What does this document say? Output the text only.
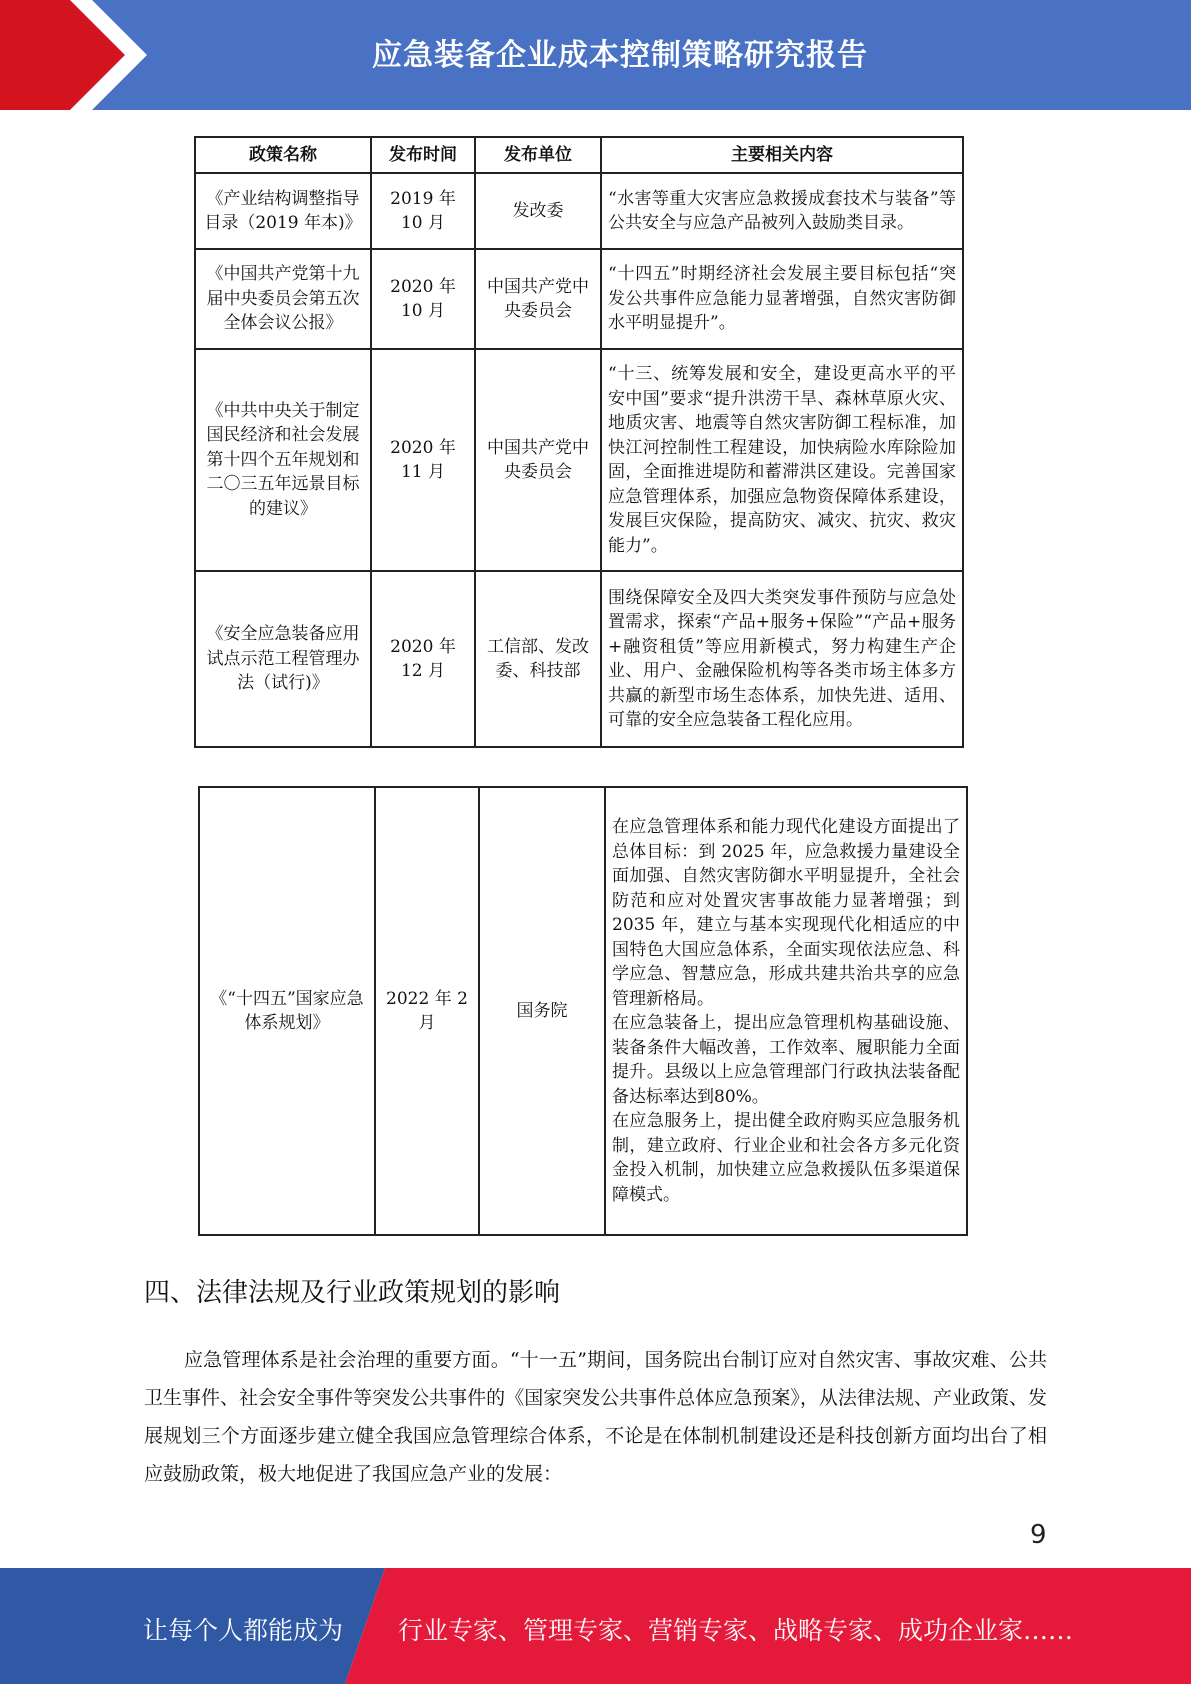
应急装备企业成本控制策略研究报告
政策名称	发布时间	发布单位	主要相关内容
《产业结构调整指导目录（2019 年本)》	2019 年 10 月	发改委	“水害等重大灾害应急救援成套技术与装备”等公共安全与应急产品被列入鼓励类目录。
《中国共产党第十九届中央委员会第五次全体会议公报》	2020 年 10 月	中国共产党中央委员会	“十四五”时期经济社会发展主要目标包括“突发公共事件应急能力显著增强，自然灾害防御水平明显提升”。
《中共中央关于制定国民经济和社会发展第十四个五年规划和二〇三五年远景目标的建议》	2020 年 11 月	中国共产党中央委员会	“十三、统筹发展和安全，建设更高水平的平安中国”要求“提升洪涝干旱、森林草原火灾、地质灾害、地震等自然灾害防御工程标准，加快江河控制性工程建设，加快病险水库除险加固，全面推进堤防和蓄滞洪区建设。完善国家应急管理体系，加强应急物资保障体系建设，发展巨灾保险，提高防灾、减灾、抗灾、救灾能力”。
《安全应急装备应用试点示范工程管理办法（试行)》	2020 年 12 月	工信部、发改委、科技部	围绕保障安全及四大类突发事件预防与应急处置需求，探索“产品+服务+保险”“产品+服务+融资租赁”等应用新模式，努力构建生产企业、用户、金融保险机构等各类市场主体多方共赢的新型市场生态体系，加快先进、适用、可靠的安全应急装备工程化应用。
《“十四五”国家应急体系规划》	2022 年 2 月	国务院	
在应急管理体系和能力现代化建设方面提出了总体目标：到 2025 年，应急救援力量建设全面加强、自然灾害防御水平明显提升，全社会防范和应对处置灾害事故能力显著增强；到 2035 年，建立与基本实现现代化相适应的中国特色大国应急体系，全面实现依法应急、科学应急、智慧应急，形成共建共治共享的应急管理新格局。
在应急装备上，提出应急管理机构基础设施、装备条件大幅改善，工作效率、履职能力全面提升。县级以上应急管理部门行政执法装备配备达标率达到80%。
在应急服务上，提出健全政府购买应急服务机制，建立政府、行业企业和社会各方多元化资金投入机制，加快建立应急救援队伍多渠道保障模式。
四、法律法规及行业政策规划的影响
应急管理体系是社会治理的重要方面。“十一五”期间，国务院出台制订应对自然灾害、事故灾难、公共卫生事件、社会安全事件等突发公共事件的《国家突发公共事件总体应急预案》，从法律法规、产业政策、发展规划三个方面逐步建立健全我国应急管理综合体系，不论是在体制机制建设还是科技创新方面均出台了相应鼓励政策，极大地促进了我国应急产业的发展：
9
让每个人都能成为 行业专家、管理专家、营销专家、战略专家、成功企业家……
